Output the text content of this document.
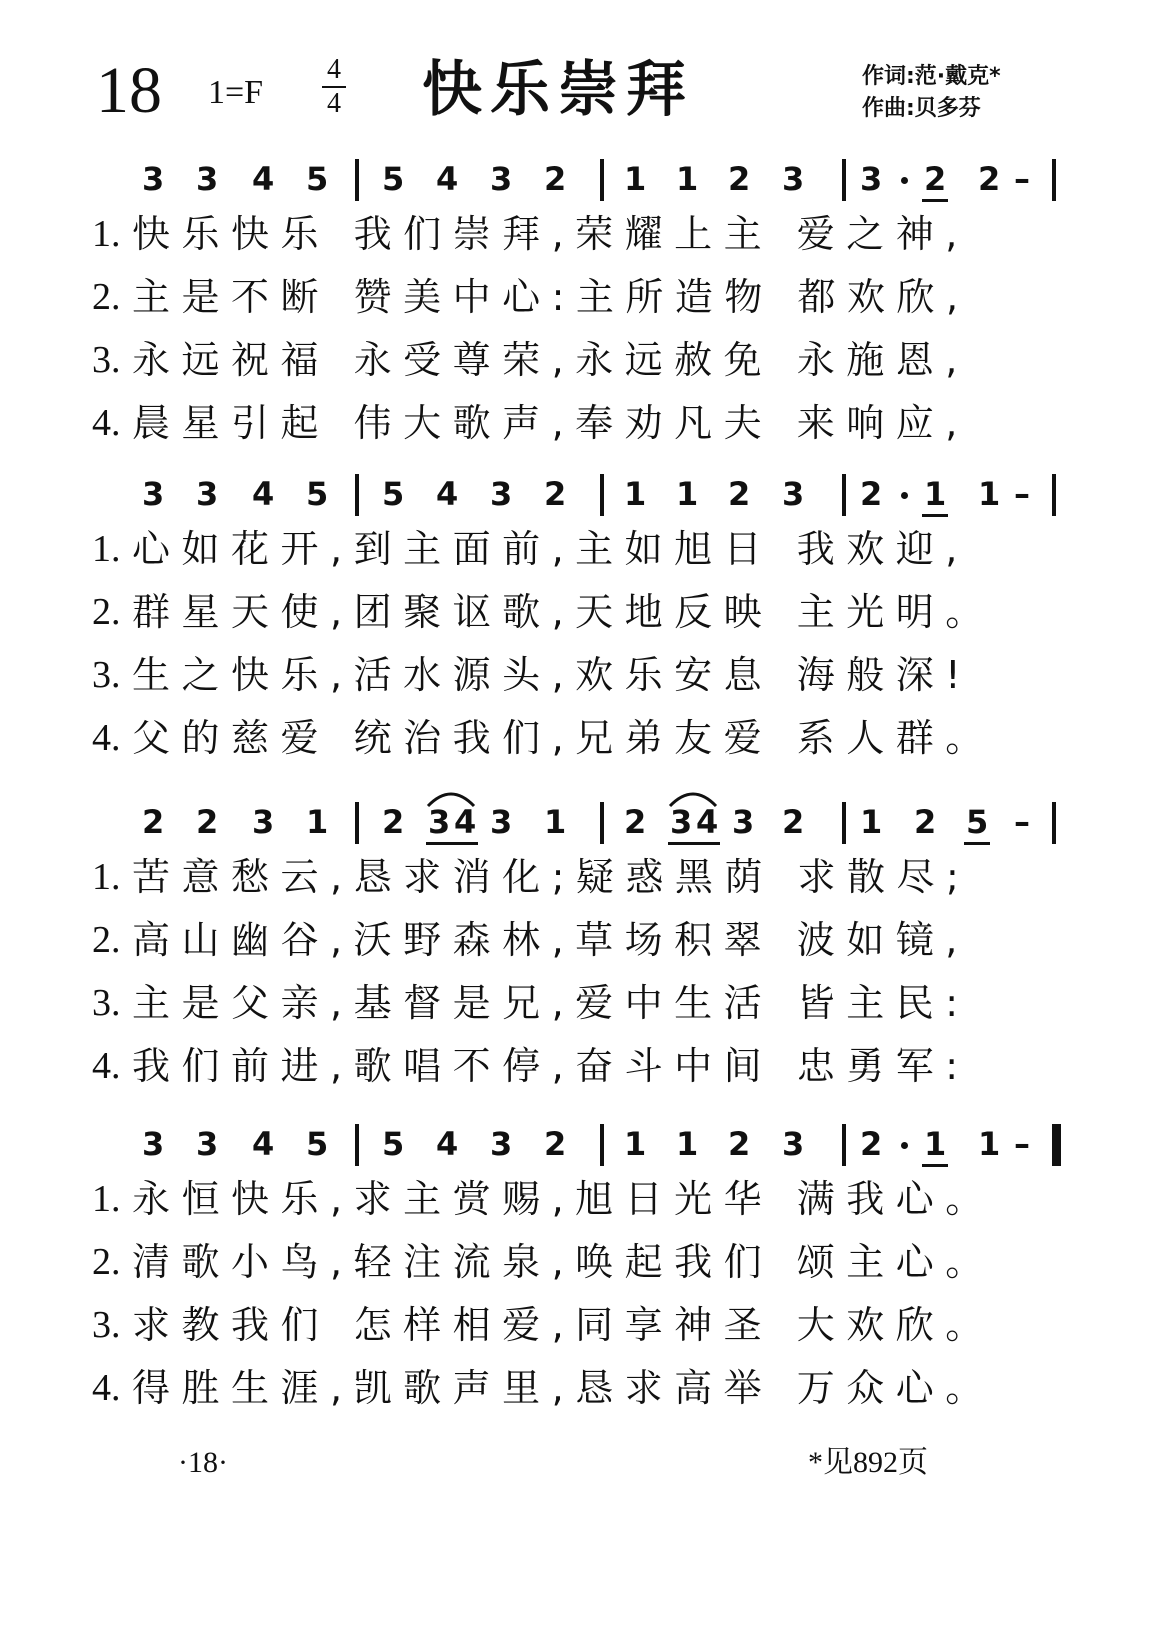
18 1=F
4
4 快乐崇拜	作词:范·戴克*
作曲:贝多芬
3 3 4 5 5 4 3 2 1 1 2 3 3 2 2 –
1. 快乐快乐 我们崇拜,荣耀上主 爱之神,
2. 主是不断 赞美中心:主所造物 都欢欣,
3. 永远祝福 永受尊荣,永远赦免 永施恩,
4. 晨星引起 伟大歌声,奉劝凡夫 来响应,
3 3 4 5 5 4 3 2 1 1 2 3 2 1 1 –
1. 心如花开,到主面前,主如旭日 我欢迎,
2. 群星天使,团聚讴歌,天地反映 主光明。
3. 生之快乐,活水源头,欢乐安息 海般深!
4. 父的慈爱 统治我们,兄弟友爱 系人群。
2 2 3 1 2 3 4 3 1 2 3 4 3 2 1 2 5 –
1. 苦意愁云,恳求消化;疑惑黑荫 求散尽;
2. 高山幽谷,沃野森林,草场积翠 波如镜,
3. 主是父亲,基督是兄,爱中生活 皆主民:
4. 我们前进,歌唱不停,奋斗中间 忠勇军:
3 3 4 5 5 4 3 2 1 1 2 3 2 1 1 –
1. 永恒快乐,求主赏赐,旭日光华 满我心。
2. 清歌小鸟,轻注流泉,唤起我们 颂主心。
3. 求教我们 怎样相爱,同享神圣 大欢欣。
4. 得胜生涯,凯歌声里,恳求高举 万众心。
·18·	*见892页
